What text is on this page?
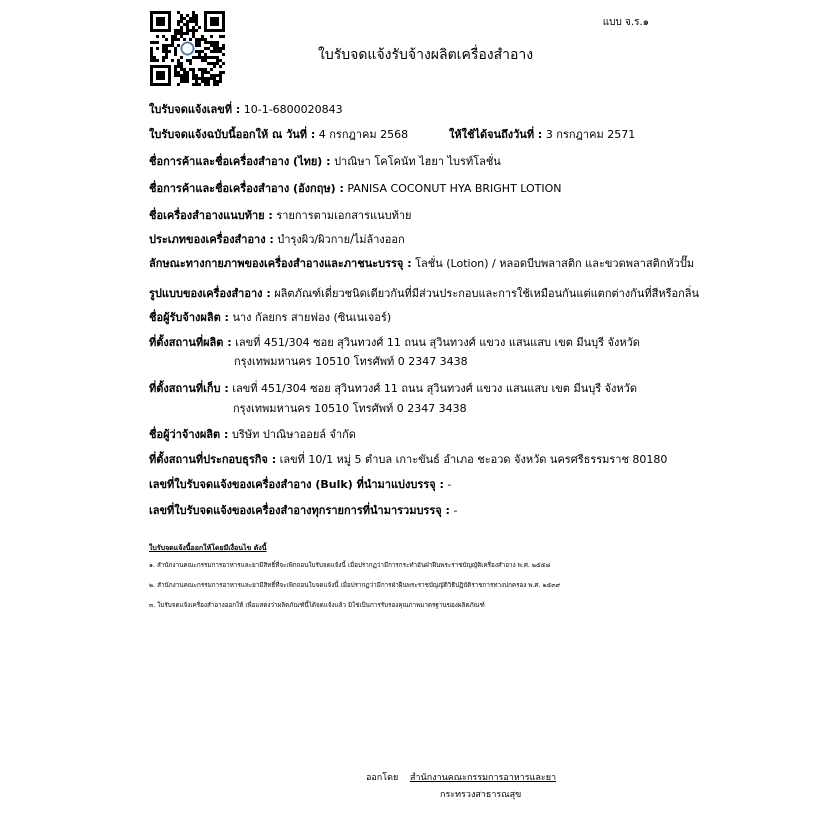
แบบ จ.ร.๑
ใบรับจดแจ้งรับจ้างผลิตเครื่องสำอาง
ใบรับจดแจ้งเลขที่ : 10-1-6800020843
ใบรับจดแจ้งฉบับนี้ออกให้ ณ วันที่ : 4 กรกฎาคม 2568	ให้ใช้ได้จนถึงวันที่ : 3 กรกฎาคม 2571
ชื่อการค้าและชื่อเครื่องสำอาง (ไทย) : ปาณิษา โคโคนัท ไฮยา ไบรท์โลชั่น
ชื่อการค้าและชื่อเครื่องสำอาง (อังกฤษ) : PANISA COCONUT HYA BRIGHT LOTION
ชื่อเครื่องสำอางแนบท้าย : รายการตามเอกสารแนบท้าย
ประเภทของเครื่องสำอาง : บำรุงผิว/ผิวกาย/ไม่ล้างออก
ลักษณะทางกายภาพของเครื่องสำอางและภาชนะบรรจุ : โลชั่น (Lotion) / หลอดบีบพลาสติก และขวดพลาสติกหัวปั๊ม
รูปแบบของเครื่องสำอาง : ผลิตภัณฑ์เดี่ยวชนิดเดียวกันที่มีส่วนประกอบและการใช้เหมือนกันแต่แตกต่างกันที่สีหรือกลิ่น
ชื่อผู้รับจ้างผลิต : นาง กัลยกร สายฟอง (ซินเนเจอร์)
ที่ตั้งสถานที่ผลิต : เลขที่ 451/304 ซอย สุวินทวงศ์ 11 ถนน สุวินทวงศ์ แขวง แสนแสบ เขต มีนบุรี จังหวัด
กรุงเทพมหานคร 10510 โทรศัพท์ 0 2347 3438
ที่ตั้งสถานที่เก็บ : เลขที่ 451/304 ซอย สุวินทวงศ์ 11 ถนน สุวินทวงศ์ แขวง แสนแสบ เขต มีนบุรี จังหวัด
กรุงเทพมหานคร 10510 โทรศัพท์ 0 2347 3438
ชื่อผู้ว่าจ้างผลิต : บริษัท ปาณิษาออยล์ จำกัด
ที่ตั้งสถานที่ประกอบธุรกิจ : เลขที่ 10/1 หมู่ 5 ตำบล เกาะขันธ์ อำเภอ ชะอวด จังหวัด นครศรีธรรมราช 80180
เลขที่ใบรับจดแจ้งของเครื่องสำอาง (Bulk) ที่นำมาแบ่งบรรจุ : -
เลขที่ใบรับจดแจ้งของเครื่องสำอางทุกรายการที่นำมารวมบรรจุ : -
ใบรับจดแจ้งนี้ออกให้โดยมีเงื่อนไข ดังนี้
๑. สำนักงานคณะกรรมการอาหารและยามีสิทธิ์ที่จะเพิกถอนใบรับจดแจ้งนี้ เมื่อปรากฏว่ามีการกระทำอันฝ่าฝืนพระราชบัญญัติเครื่องสำอาง พ.ศ. ๒๕๕๘
๒. สำนักงานคณะกรรมการอาหารและยามีสิทธิ์ที่จะเพิกถอนใบจดแจ้งนี้ เมื่อปรากฏว่ามีการฝ่าฝืนพระราชบัญญัติวิธีปฏิบัติราชการทางปกครอง พ.ศ. ๒๕๓๙
๓. ใบรับจดแจ้งเครื่องสำอางออกให้ เพื่อแสดงว่าผลิตภัณฑ์นี้ได้จดแจ้งแล้ว มิใช่เป็นการรับรองคุณภาพมาตรฐานของผลิตภัณฑ์
ออกโดย สำนักงานคณะกรรมการอาหารและยา
กระทรวงสาธารณสุข
